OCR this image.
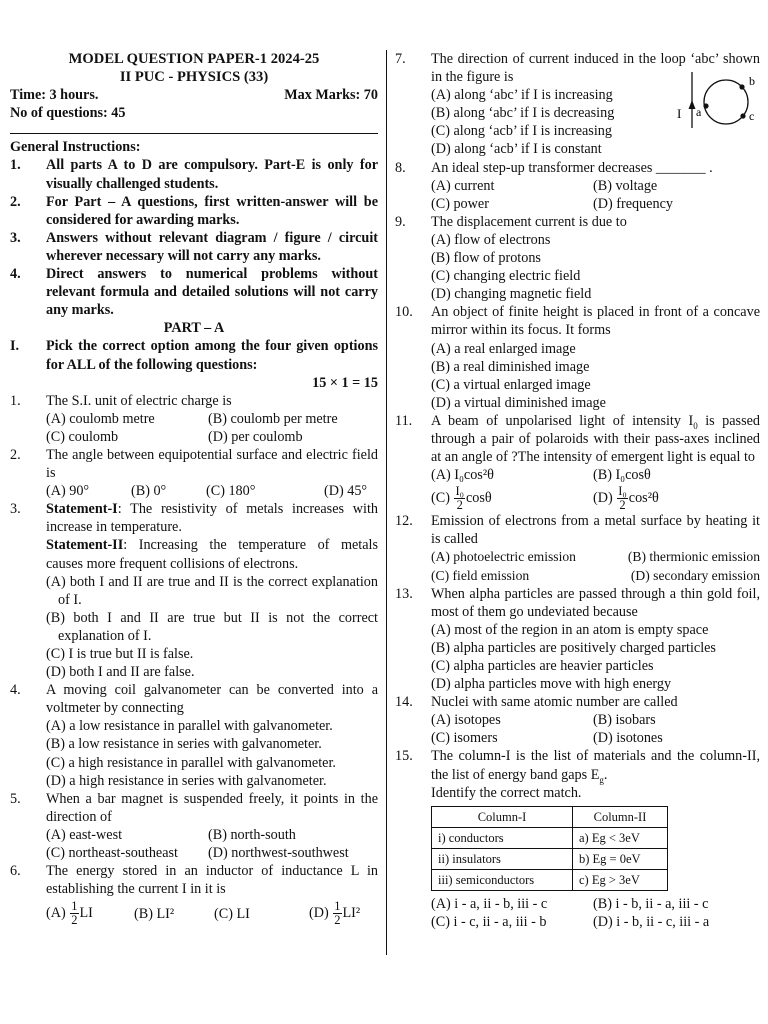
MODEL QUESTION PAPER-1 2024-25
II PUC - PHYSICS (33)
Time: 3 hours.	Max Marks: 70
No of questions: 45
General Instructions:
1.	All parts A to D are compulsory. Part-E is only for visually challenged students.
2.	For Part – A questions, first written-answer will be considered for awarding marks.
3.	Answers without relevant diagram / figure / circuit wherever necessary will not carry any marks.
4.	Direct answers to numerical problems without relevant formula and detailed solutions will not carry any marks.
PART – A
I.	Pick the correct option among the four given options for ALL of the following questions:
15 × 1 = 15
1.	The S.I. unit of electric charge is
(A) coulomb metre	(B) coulomb per metre
(C) coulomb	(D) per coulomb
2.	The angle between equipotential surface and electric field is
(A) 90°	(B) 0°	(C) 180°	(D) 45°
3.	Statement-I: The resistivity of metals increases with increase in temperature.
Statement-II: Increasing the temperature of metals causes more frequent collisions of electrons.
(A) both I and II are true and II is the correct explanation of I.
(B) both I and II are true but II is not the correct explanation of I.
(C) I is true but II is false.
(D) both I and II are false.
4.	A moving coil galvanometer can be converted into a voltmeter by connecting
(A) a low resistance in parallel with galvanometer.
(B) a low resistance in series with galvanometer.
(C) a high resistance in parallel with galvanometer.
(D) a high resistance in series with galvanometer.
5.	When a bar magnet is suspended freely, it points in the direction of
(A) east-west	(B) north-south
(C) northeast-southeast	(D) northwest-southwest
6.	The energy stored in an inductor of inductance L in establishing the current I in it is
$(A) \frac{1}{2}$ LI	(B) LI²	(C) LI	$(D) \frac{1}{2} LI^2$
7.	The direction of current induced in the loop ‘abc’ shown in the figure is
(A) along ‘abc’ if I is increasing
(B) along ‘abc’ if I is decreasing
(C) along ‘acb’ if I is increasing
(D) along ‘acb’ if I is constant
I a
b
c
8.	An ideal step-up transformer decreases _______ .
(A) current	(B) voltage
(C) power	(D) frequency
9.	The displacement current is due to
(A) flow of electrons
(B) flow of protons
(C) changing electric field
(D) changing magnetic field
10.	An object of finite height is placed in front of a concave mirror within its focus. It forms
(A) a real enlarged image
(B) a real diminished image
(C) a virtual enlarged image
(D) a virtual diminished image
11.	A beam of unpolarised light of intensity $I_0$ is passed through a pair of polaroids with their pass-axes inclined at an angle of ?The intensity of emergent light is equal to
(A) I₀cos²θ	(B) I₀cosθ
$(C) \frac{\text{I₀}}{2}$ cosθ	$(D) \frac{\text{I₀}}{2} \cos^2\theta$
12.	Emission of electrons from a metal surface by heating it is called
(A) photoelectric emission	(B) thermionic emission
(C) field emission	(D) secondary emission
13.	When alpha particles are passed through a thin gold foil, most of them go undeviated because
(A) most of the region in an atom is empty space
(B) alpha particles are positively charged particles
(C) alpha particles are heavier particles
(D) alpha particles move with high energy
14.	Nuclei with same atomic number are called
(A) isotopes	(B) isobars
(C) isomers	(D) isotones
15.	The column-I is the list of materials and the column-II, the list of energy band gaps $E_g$.
Identify the correct match.
Column-I	Column-II
i) conductors	a) Eg < 3eV
ii) insulators	b) Eg = 0eV
iii) semiconductors	c) Eg > 3eV
(A) i - a, ii - b, iii - c	(B) i - b, ii - a, iii - c
(C) i - c, ii - a, iii - b	(D) i - b, ii - c, iii - a
